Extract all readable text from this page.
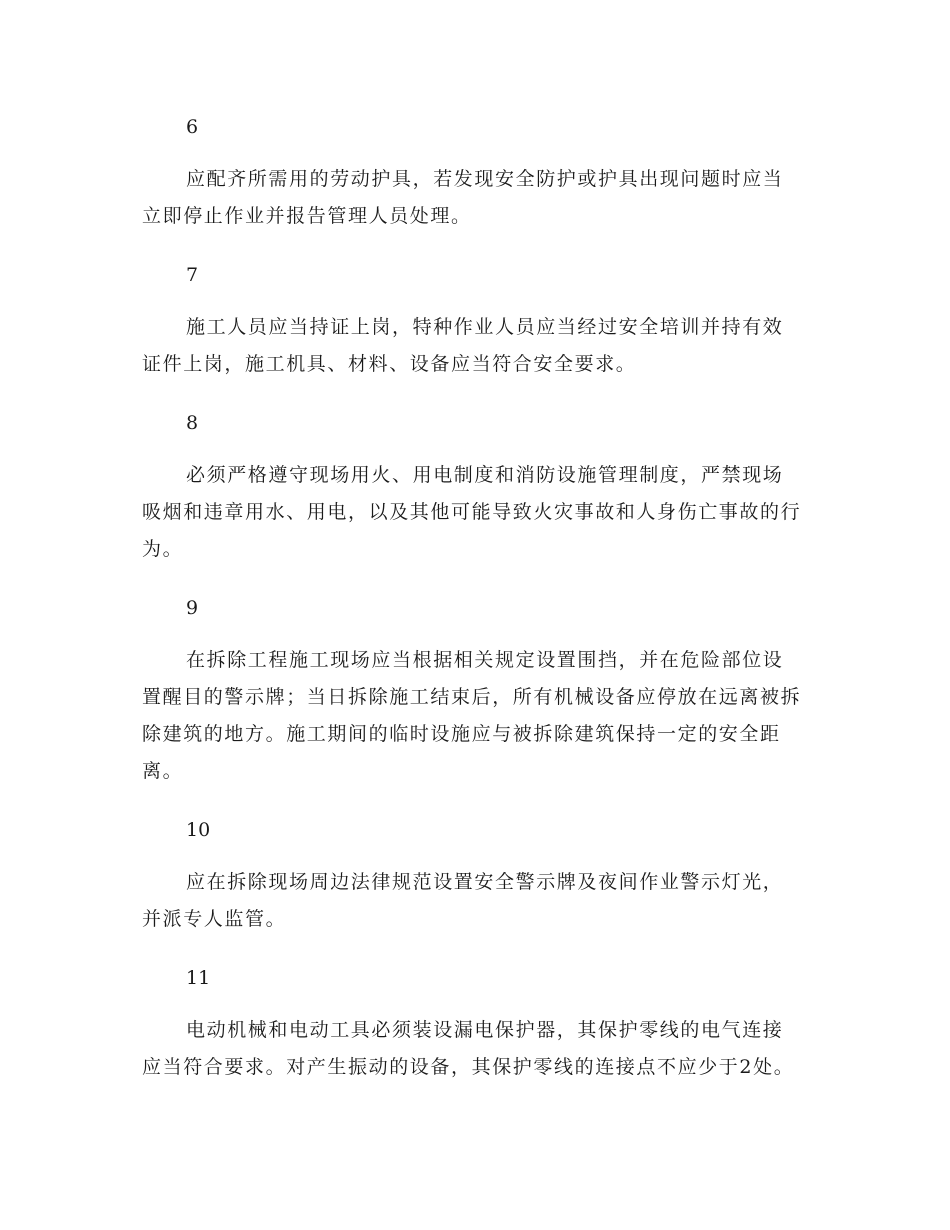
6

应配齐所需用的劳动护具，若发现安全防护或护具出现问题时应当立即停止作业并报告管理人员处理。

7

施工人员应当持证上岗，特种作业人员应当经过安全培训并持有效证件上岗，施工机具、材料、设备应当符合安全要求。

8

必须严格遵守现场用火、用电制度和消防设施管理制度，严禁现场吸烟和违章用水、用电，以及其他可能导致火灾事故和人身伤亡事故的行为。

9

在拆除工程施工现场应当根据相关规定设置围挡，并在危险部位设置醒目的警示牌；当日拆除施工结束后，所有机械设备应停放在远离被拆除建筑的地方。施工期间的临时设施应与被拆除建筑保持一定的安全距离。

10

应在拆除现场周边法律规范设置安全警示牌及夜间作业警示灯光，并派专人监管。

11

电动机械和电动工具必须装设漏电保护器，其保护零线的电气连接应当符合要求。对产生振动的设备，其保护零线的连接点不应少于2处。
